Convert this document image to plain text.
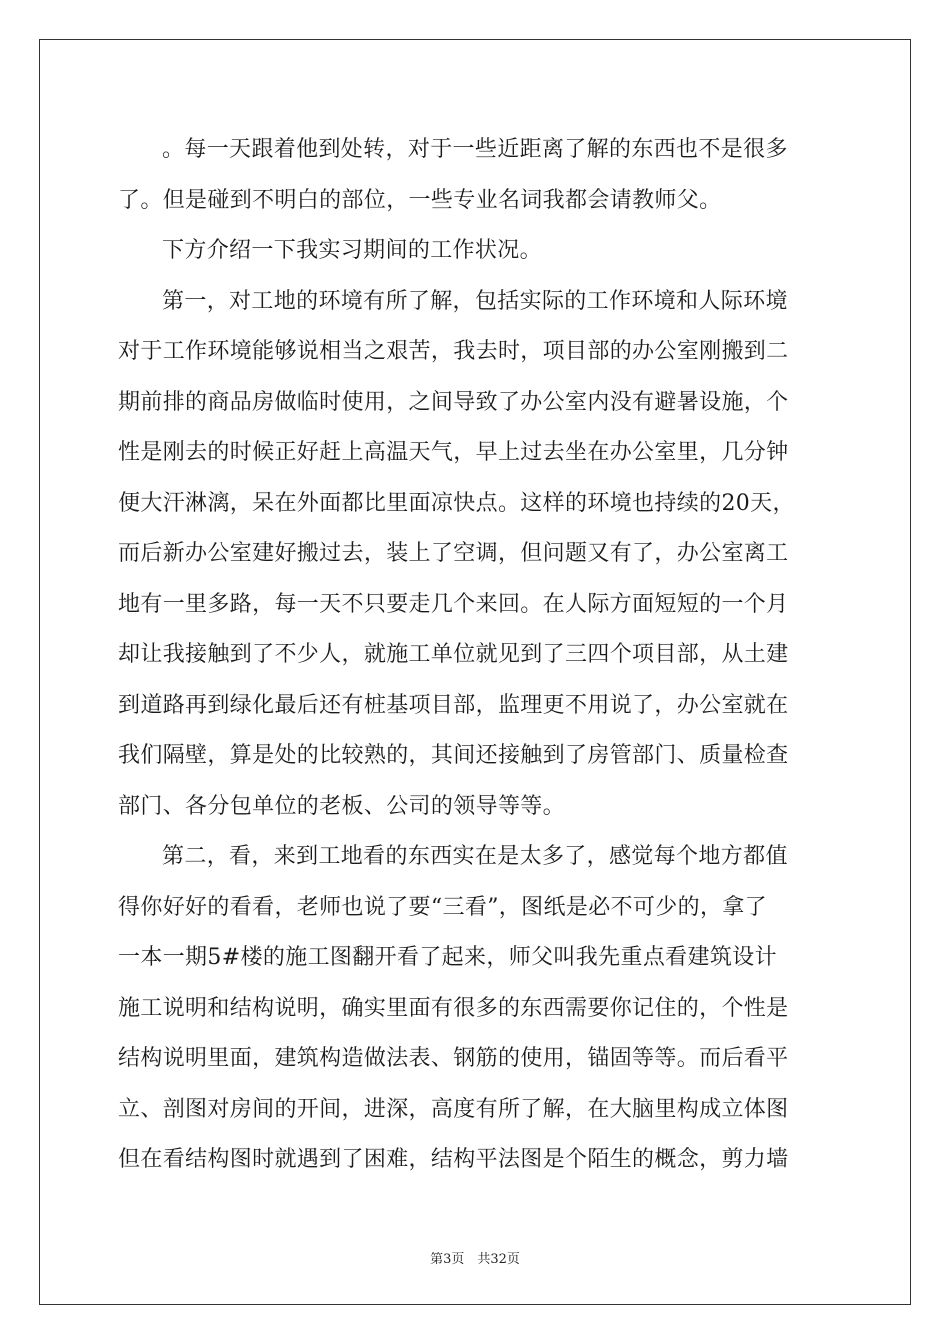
。每一天跟着他到处转，对于一些近距离了解的东西也不是很多
了。但是碰到不明白的部位，一些专业名词我都会请教师父。
下方介绍一下我实习期间的工作状况。
第一，对工地的环境有所了解，包括实际的工作环境和人际环境
对于工作环境能够说相当之艰苦，我去时，项目部的办公室刚搬到二
期前排的商品房做临时使用，之间导致了办公室内没有避暑设施，个
性是刚去的时候正好赶上高温天气，早上过去坐在办公室里，几分钟
便大汗淋漓，呆在外面都比里面凉快点。这样的环境也持续的20天，
而后新办公室建好搬过去，装上了空调，但问题又有了，办公室离工
地有一里多路，每一天不只要走几个来回。在人际方面短短的一个月
却让我接触到了不少人，就施工单位就见到了三四个项目部，从土建
到道路再到绿化最后还有桩基项目部，监理更不用说了，办公室就在
我们隔壁，算是处的比较熟的，其间还接触到了房管部门、质量检查
部门、各分包单位的老板、公司的领导等等。
第二，看，来到工地看的东西实在是太多了，感觉每个地方都值
得你好好的看看，老师也说了要“三看”，图纸是必不可少的，拿了
一本一期5#楼的施工图翻开看了起来，师父叫我先重点看建筑设计
施工说明和结构说明，确实里面有很多的东西需要你记住的，个性是
结构说明里面，建筑构造做法表、钢筋的使用，锚固等等。而后看平
立、剖图对房间的开间，进深，高度有所了解，在大脑里构成立体图
但在看结构图时就遇到了困难，结构平法图是个陌生的概念，剪力墙
第3页　共32页
